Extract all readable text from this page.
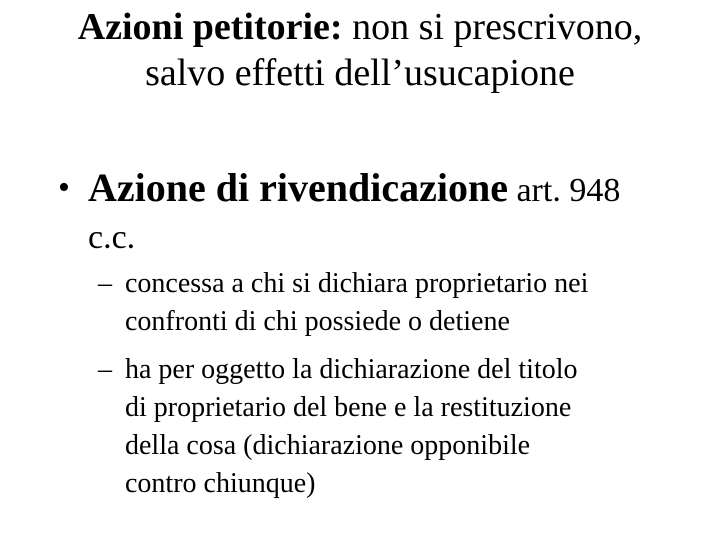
Azioni petitorie: non si prescrivono,
salvo effetti dell’usucapione
• Azione di rivendicazione art. 948
c.c.
– concessa a chi si dichiara proprietario nei
confronti di chi possiede o detiene
– ha per oggetto la dichiarazione del titolo
di proprietario del bene e la restituzione
della cosa (dichiarazione opponibile
contro chiunque)
